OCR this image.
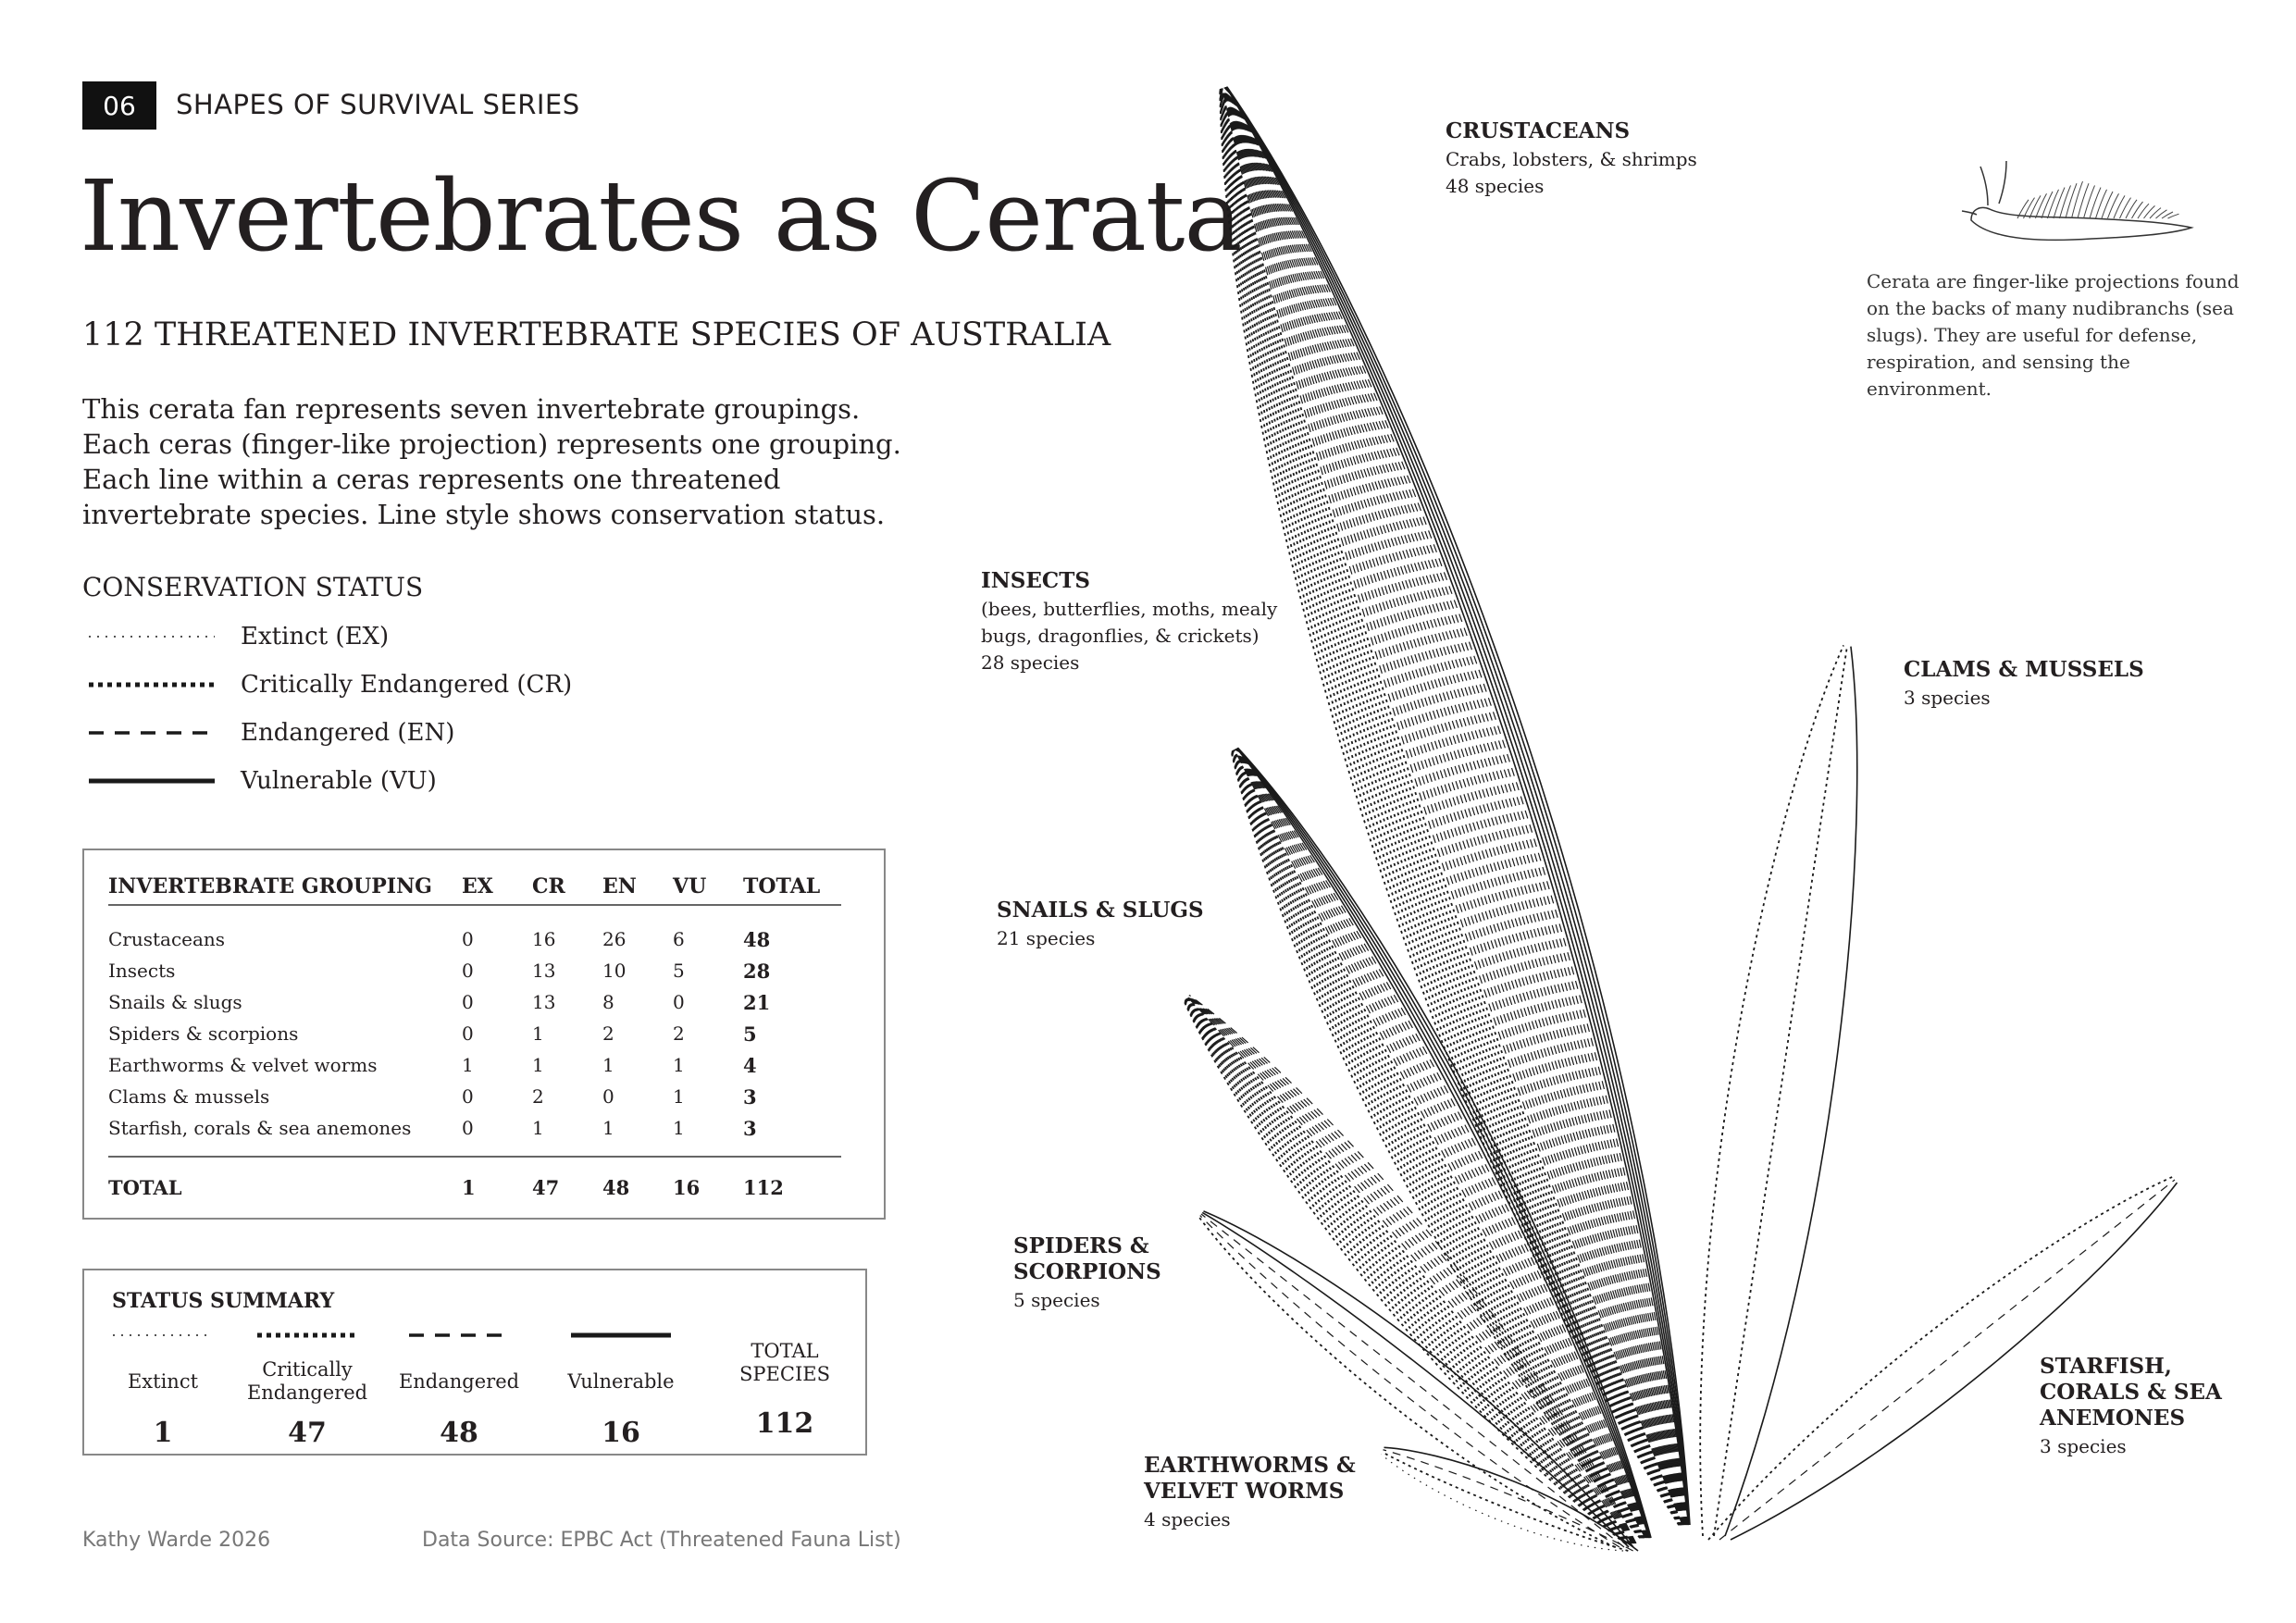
06 SHAPES OF SURVIVAL SERIES
Invertebrates as Cerata
112 THREATENED INVERTEBRATE SPECIES OF AUSTRALIA
This cerata fan represents seven invertebrate groupings. Each ceras (finger-like projection) represents one grouping. Each line within a ceras represents one threatened invertebrate species. Line style shows conservation status.
CONSERVATION STATUS
Extinct (EX)
Critically Endangered (CR)
Endangered (EN)
Vulnerable (VU)
INVERTEBRATE GROUPING EX CR EN VU TOTAL
Crustaceans	0	16	26	6	48
Insects	0	13	10	5	28
Snails & slugs	0	13	8	0	21
Spiders & scorpions	0	1	2	2	5
Earthworms & velvet worms	1	1	1	1	4
Clams & mussels	0	2	0	1	3
Starfish, corals & sea anemones	0	1	1	1	3
TOTAL	1	47 48 16 112
STATUS SUMMARY
Extinct
1
Critically Endangered
47
Endangered
48
Vulnerable
16
TOTAL SPECIES
112
Kathy Warde 2026	Data Source: EPBC Act (Threatened Fauna List)
Cerata are finger-like projections found on the backs of many nudibranchs (sea slugs). They are useful for defense, respiration, and sensing the environment.
CRUSTACEANS
Crabs, lobsters, & shrimps
48 species
INSECTS
(bees, butterflies, moths, mealy
bugs, dragonflies, & crickets)
28 species	CLAMS & MUSSELS
3 species
SNAILS & SLUGS
21 species
SPIDERS &
SCORPIONS
5 species
STARFISH,
CORALS & SEA
ANEMONES
3 species
EARTHWORMS &
VELVET WORMS
4 species
